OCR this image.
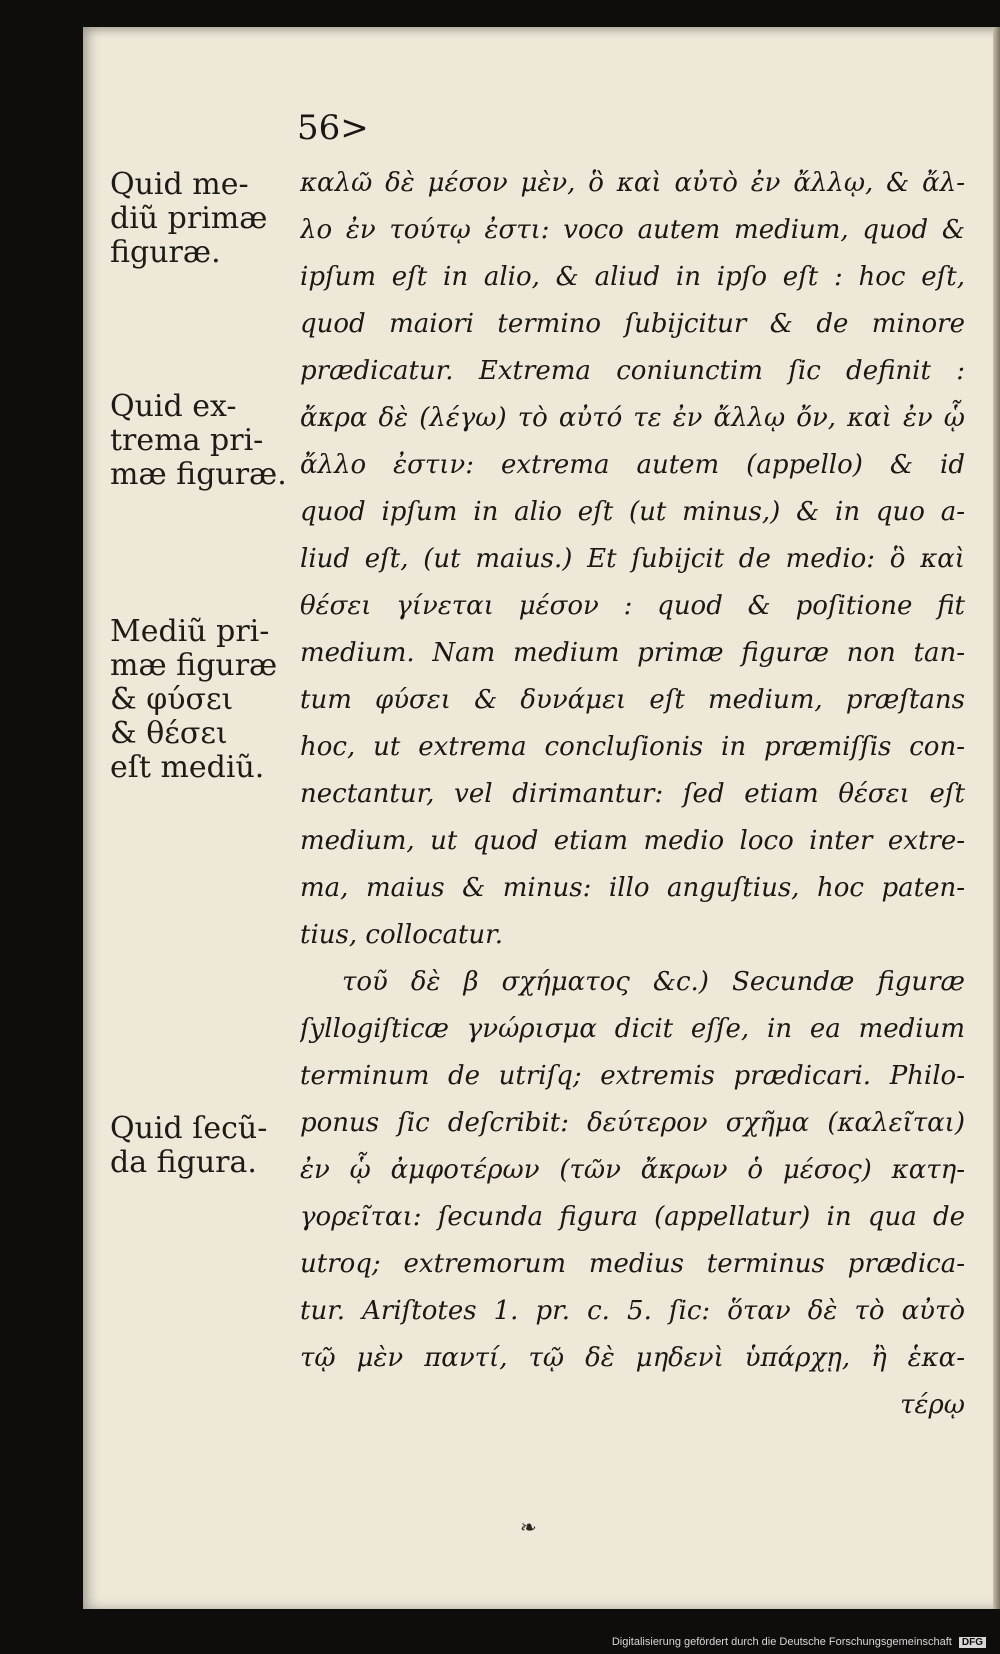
56>
Quid me-
diũ primæ
figuræ.
Quid ex-
trema pri-
mæ figuræ.
Mediũ pri-
mæ figuræ
& φύσει
& θέσει
eſt mediũ.
Quid ſecũ-
da figura.
καλῶ δὲ μέσον μὲν, ὃ καὶ αὐτὸ ἐν ἄλλῳ, & ἄλ-
λο ἐν τούτῳ ἐστι: voco autem medium, quod &
ipſum eſt in alio, & aliud in ipſo eſt : hoc eſt,
quod maiori termino ſubijcitur & de minore
prædicatur. Extrema coniunctim ſic definit :
ἄκρα δὲ (λέγω) τὸ αὐτό τε ἐν ἄλλῳ ὄν, καὶ ἐν ᾧ
ἄλλο ἐστιν: extrema autem (appello) & id
quod ipſum in alio eſt (ut minus,) & in quo a-
liud eſt, (ut maius.) Et ſubijcit de medio: ὃ καὶ
θέσει γίνεται μέσον : quod & poſitione fit
medium. Nam medium primæ figuræ non tan-
tum φύσει & δυνάμει eſt medium, præſtans
hoc, ut extrema concluſionis in præmiſſis con-
nectantur, vel dirimantur: ſed etiam θέσει eſt
medium, ut quod etiam medio loco inter extre-
ma, maius & minus: illo anguſtius, hoc paten-
tius, collocatur.
τοῦ δὲ β σχήματος &c.) Secundæ figuræ
ſyllogiſticæ γνώρισμα dicit eſſe, in ea medium
terminum de utriſq; extremis prædicari. Philo-
ponus ſic deſcribit: δεύτερον σχῆμα (καλεῖται)
ἐν ᾧ ἀμφοτέρων (τῶν ἄκρων ὁ μέσος) κατη-
γορεῖται: ſecunda figura (appellatur) in qua de
utroq; extremorum medius terminus prædica-
tur. Ariſtotes 1. pr. c. 5. ſic: ὅταν δὲ τὸ αὐτὸ
τῷ μὲν παντί, τῷ δὲ μηδενὶ ὑπάρχῃ, ἢ ἑκα-
τέρῳ
❧
Digitalisierung gefördert durch die Deutsche Forschungsgemeinschaft DFG
